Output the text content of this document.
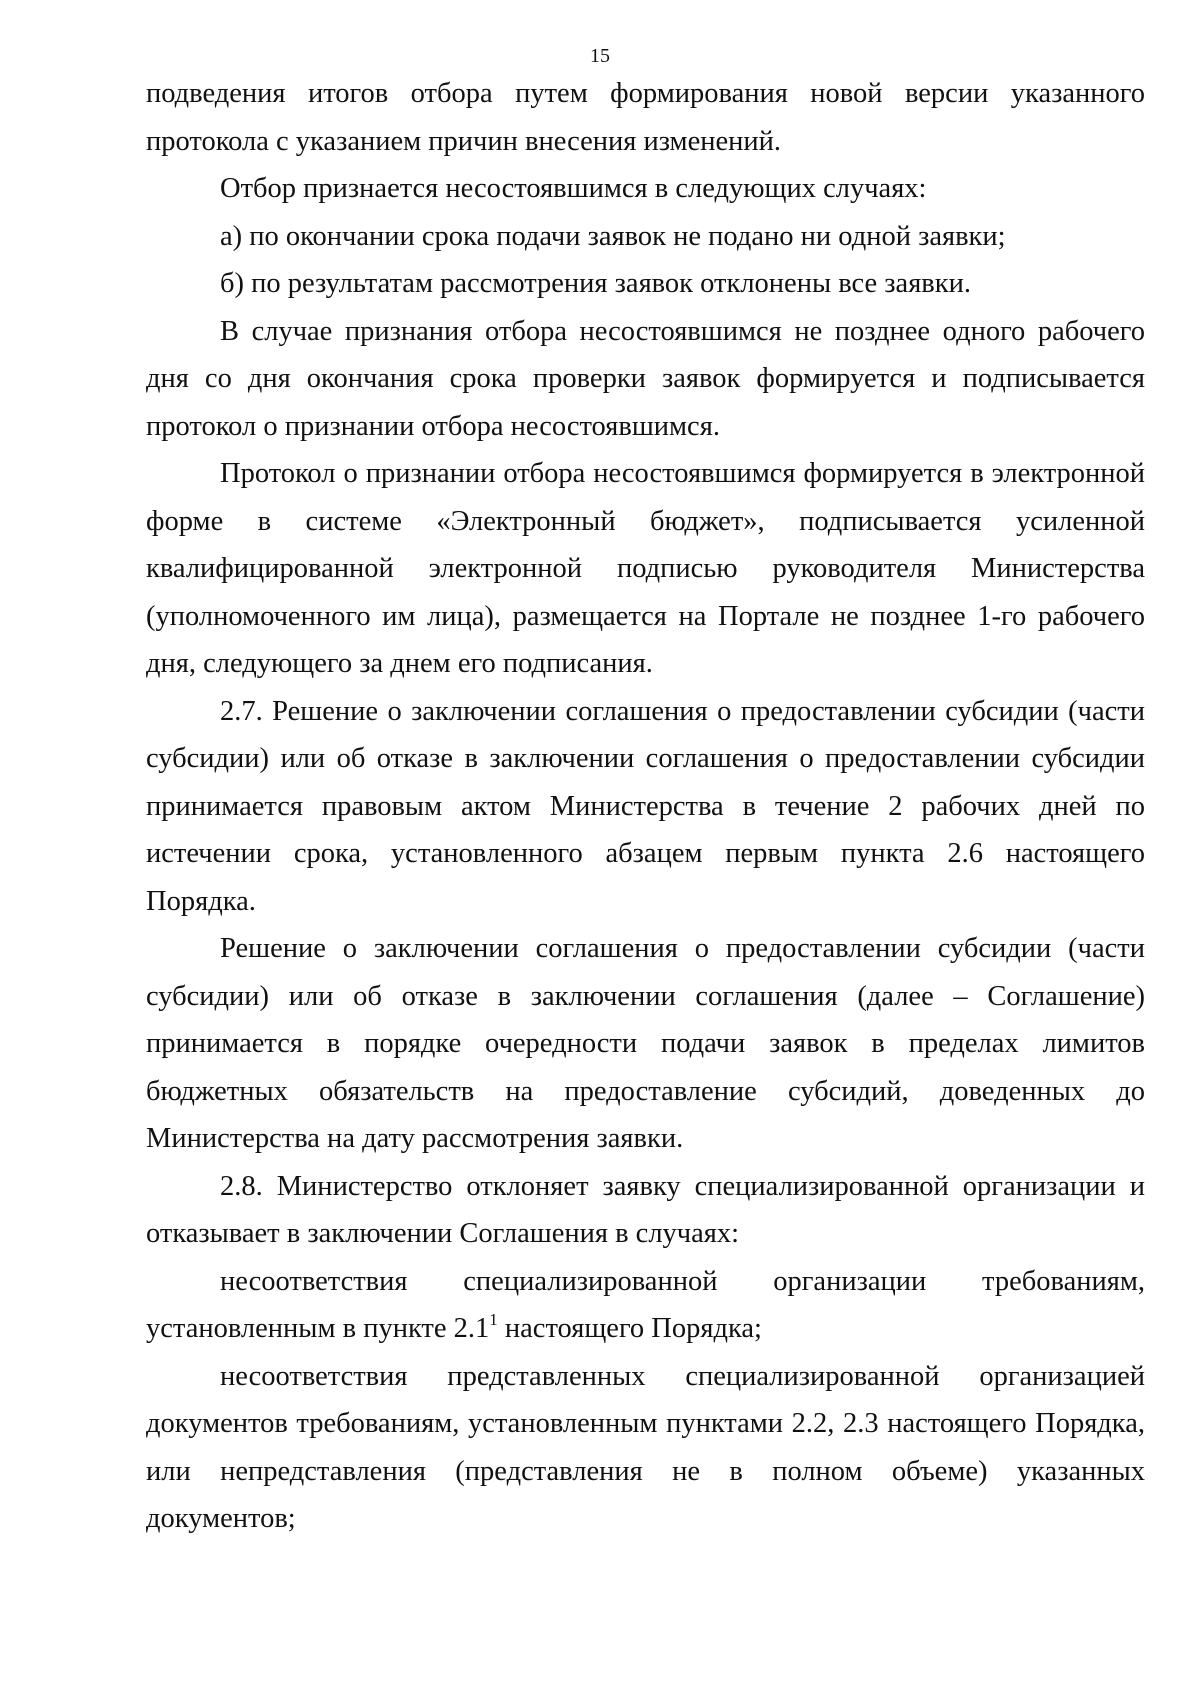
15

подведения итогов отбора путем формирования новой версии указанного протокола с указанием причин внесения изменений.

Отбор признается несостоявшимся в следующих случаях:

а) по окончании срока подачи заявок не подано ни одной заявки;

б) по результатам рассмотрения заявок отклонены все заявки.

В случае признания отбора несостоявшимся не позднее одного рабочего дня со дня окончания срока проверки заявок формируется и подписывается протокол о признании отбора несостоявшимся.

Протокол о признании отбора несостоявшимся формируется в электронной форме в системе «Электронный бюджет», подписывается усиленной квалифицированной электронной подписью руководителя Министерства (уполномоченного им лица), размещается на Портале не позднее 1-го рабочего дня, следующего за днем его подписания.

2.7. Решение о заключении соглашения о предоставлении субсидии (части субсидии) или об отказе в заключении соглашения о предоставлении субсидии принимается правовым актом Министерства в течение 2 рабочих дней по истечении срока, установленного абзацем первым пункта 2.6 настоящего Порядка.

Решение о заключении соглашения о предоставлении субсидии (части субсидии) или об отказе в заключении соглашения (далее – Соглашение) принимается в порядке очередности подачи заявок в пределах лимитов бюджетных обязательств на предоставление субсидий, доведенных до Министерства на дату рассмотрения заявки.

2.8. Министерство отклоняет заявку специализированной организации и отказывает в заключении Соглашения в случаях:

несоответствия специализированной организации требованиям, установленным в пункте $2.1^1$ настоящего Порядка;

несоответствия представленных специализированной организацией документов требованиям, установленным пунктами 2.2, 2.3 настоящего Порядка, или непредставления (представления не в полном объеме) указанных документов;
